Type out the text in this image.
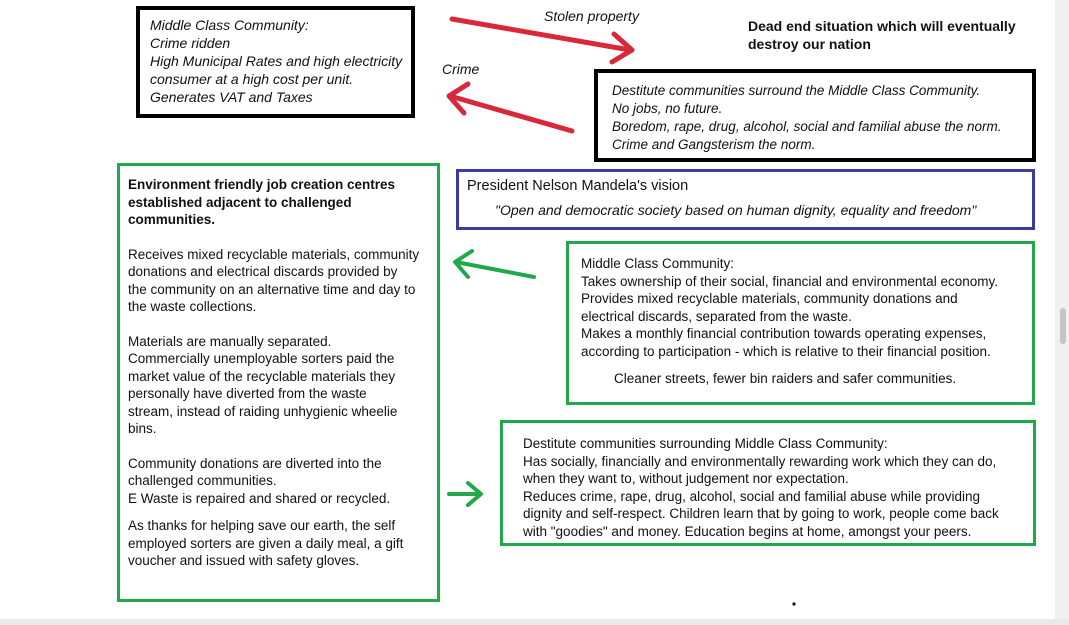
Middle Class Community:
Crime ridden
High Municipal Rates and high electricity
consumer at a high cost per unit.
Generates VAT and Taxes
Stolen property
Crime
Dead end situation which will eventually
destroy our nation
Destitute communities surround the Middle Class Community.
No jobs, no future.
Boredom, rape, drug, alcohol, social and familial abuse the norm.
Crime and Gangsterism the norm.
President Nelson Mandela's vision
"Open and democratic society based on human dignity, equality and freedom"
Environment friendly job creation centres
established adjacent to challenged
communities.
Receives mixed recyclable materials, community
donations and electrical discards provided by
the community on an alternative time and day to
the waste collections.
Materials are manually separated.
Commercially unemployable sorters paid the
market value of the recyclable materials they
personally have diverted from the waste
stream, instead of raiding unhygienic wheelie
bins.
Community donations are diverted into the
challenged communities.
E Waste is repaired and shared or recycled.
As thanks for helping save our earth, the self
employed sorters are given a daily meal, a gift
voucher and issued with safety gloves.
Middle Class Community:
Takes ownership of their social, financial and environmental economy.
Provides mixed recyclable materials, community donations and
electrical discards, separated from the waste.
Makes a monthly financial contribution towards operating expenses,
according to participation - which is relative to their financial position.
Cleaner streets, fewer bin raiders and safer communities.
Destitute communities surrounding Middle Class Community:
Has socially, financially and environmentally rewarding work which they can do,
when they want to, without judgement nor expectation.
Reduces crime, rape, drug, alcohol, social and familial abuse while providing
dignity and self-respect. Children learn that by going to work, people come back
with "goodies" and money. Education begins at home, amongst your peers.
